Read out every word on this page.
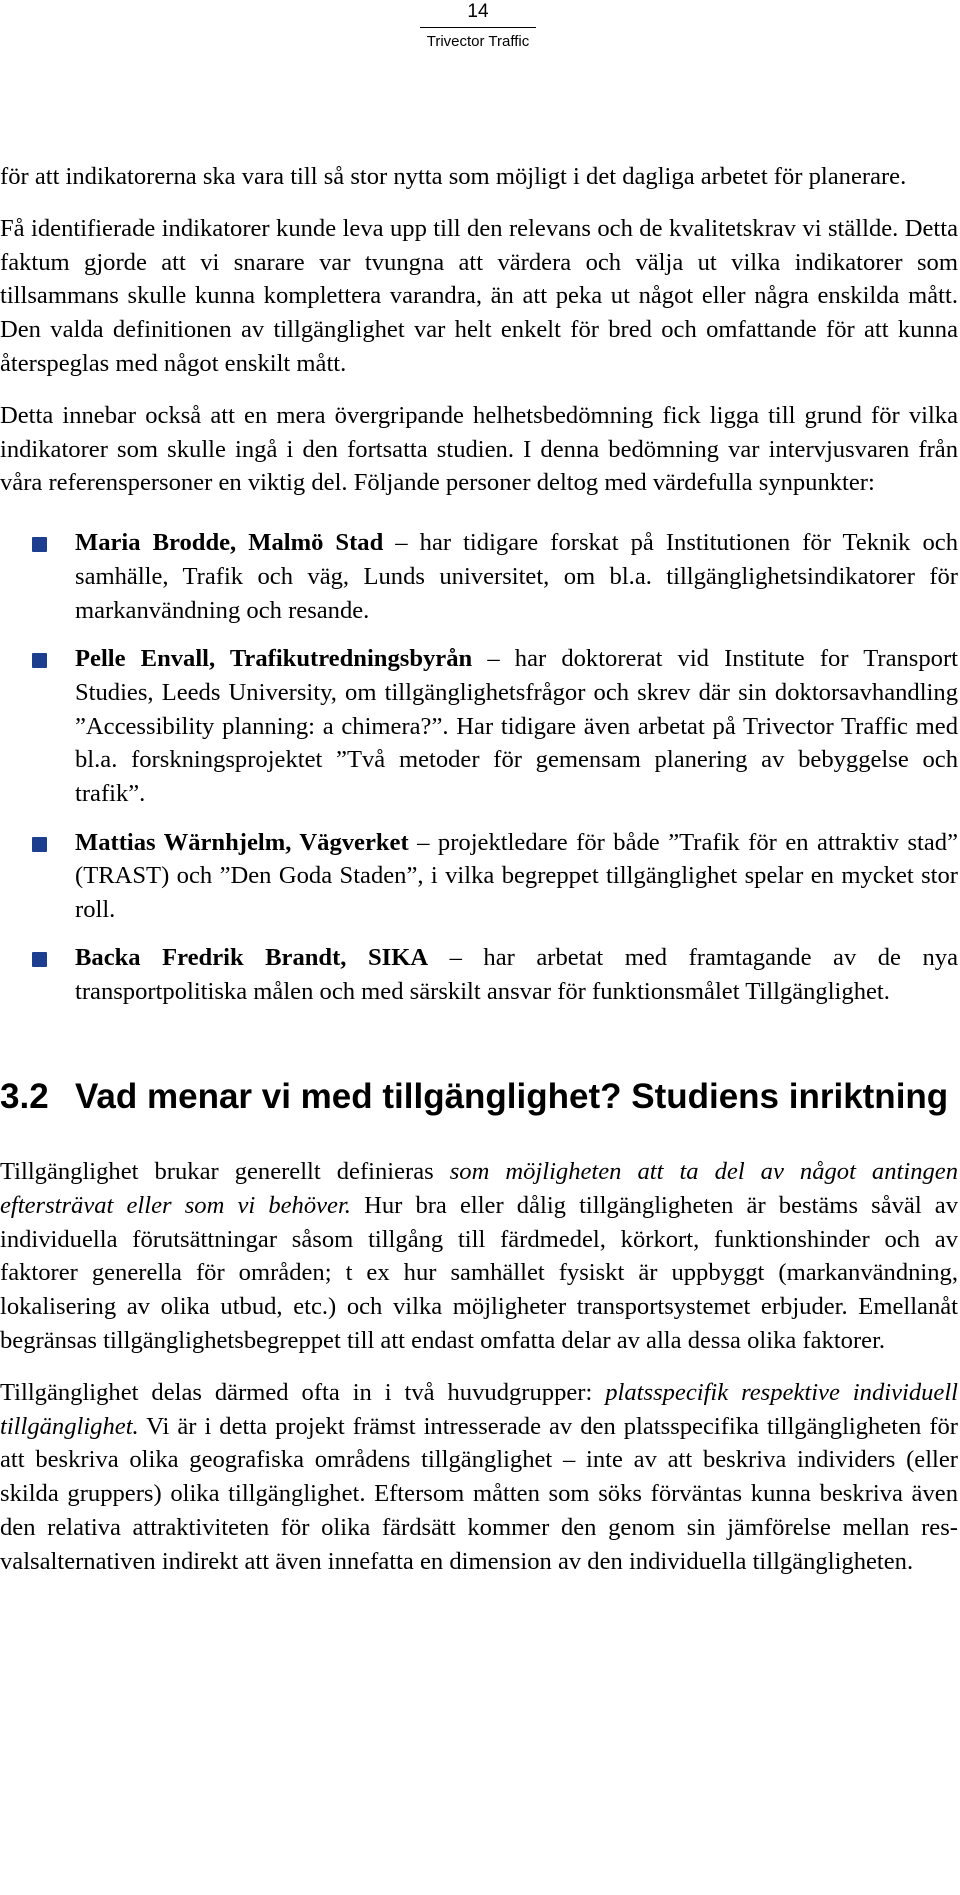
14
Trivector Traffic

för att indikatorerna ska vara till så stor nytta som möjligt i det dagliga arbetet för planerare.

Få identifierade indikatorer kunde leva upp till den relevans och de kvalitetskrav vi ställde. Detta faktum gjorde att vi snarare var tvungna att värdera och välja ut vilka indikatorer som tillsammans skulle kunna komplettera varandra, än att peka ut något eller några enskilda mått. Den valda definitionen av tillgänglighet var helt enkelt för bred och omfattande för att kunna återspeglas med något enskilt mått.

Detta innebar också att en mera övergripande helhetsbedömning fick ligga till grund för vilka indikatorer som skulle ingå i den fortsatta studien. I denna bedömning var intervjusvaren från våra referenspersoner en viktig del. Följande personer deltog med värdefulla synpunkter:

Maria Brodde, Malmö Stad – har tidigare forskat på Institutionen för Teknik och samhälle, Trafik och väg, Lunds universitet, om bl.a. tillgänglighetsindikatorer för markanvändning och resande.
Pelle Envall, Trafikutredningsbyrån – har doktorerat vid Institute for Transport Studies, Leeds University, om tillgänglighetsfrågor och skrev där sin doktorsavhandling ”Accessibility planning: a chimera?”. Har tidigare även arbetat på Trivector Traffic med bl.a. forskningsprojektet ”Två metoder för gemensam planering av bebyggelse och trafik”.
Mattias Wärnhjelm, Vägverket – projektledare för både ”Trafik för en attraktiv stad” (TRAST) och ”Den Goda Staden”, i vilka begreppet tillgänglighet spelar en mycket stor roll.
Backa Fredrik Brandt, SIKA – har arbetat med framtagande av de nya transportpolitiska målen och med särskilt ansvar för funktionsmålet Tillgänglighet.
3.2 Vad menar vi med tillgänglighet? Studiens inriktning

Tillgänglighet brukar generellt definieras som möjligheten att ta del av något antingen eftersträvat eller som vi behöver. Hur bra eller dålig tillgängligheten är bestäms såväl av individuella förutsättningar såsom tillgång till färdmedel, körkort, funktionshinder och av faktorer generella för områden; t ex hur samhället fysiskt är uppbyggt (markanvändning, lokalisering av olika utbud, etc.) och vilka möjligheter transportsystemet erbjuder. Emellanåt begränsas tillgänglighetsbegreppet till att endast omfatta delar av alla dessa olika faktorer.

Tillgänglighet delas därmed ofta in i två huvudgrupper: platsspecifik respektive individuell tillgänglighet. Vi är i detta projekt främst intresserade av den platsspecifika tillgängligheten för att beskriva olika geografiska områdens tillgänglighet – inte av att beskriva individers (eller skilda gruppers) olika tillgänglighet. Eftersom måtten som söks förväntas kunna beskriva även den relativa attraktiviteten för olika färdsätt kommer den genom sin jämförelse mellan resvalsalternativen indirekt att även innefatta en dimension av den individuella tillgängligheten.
